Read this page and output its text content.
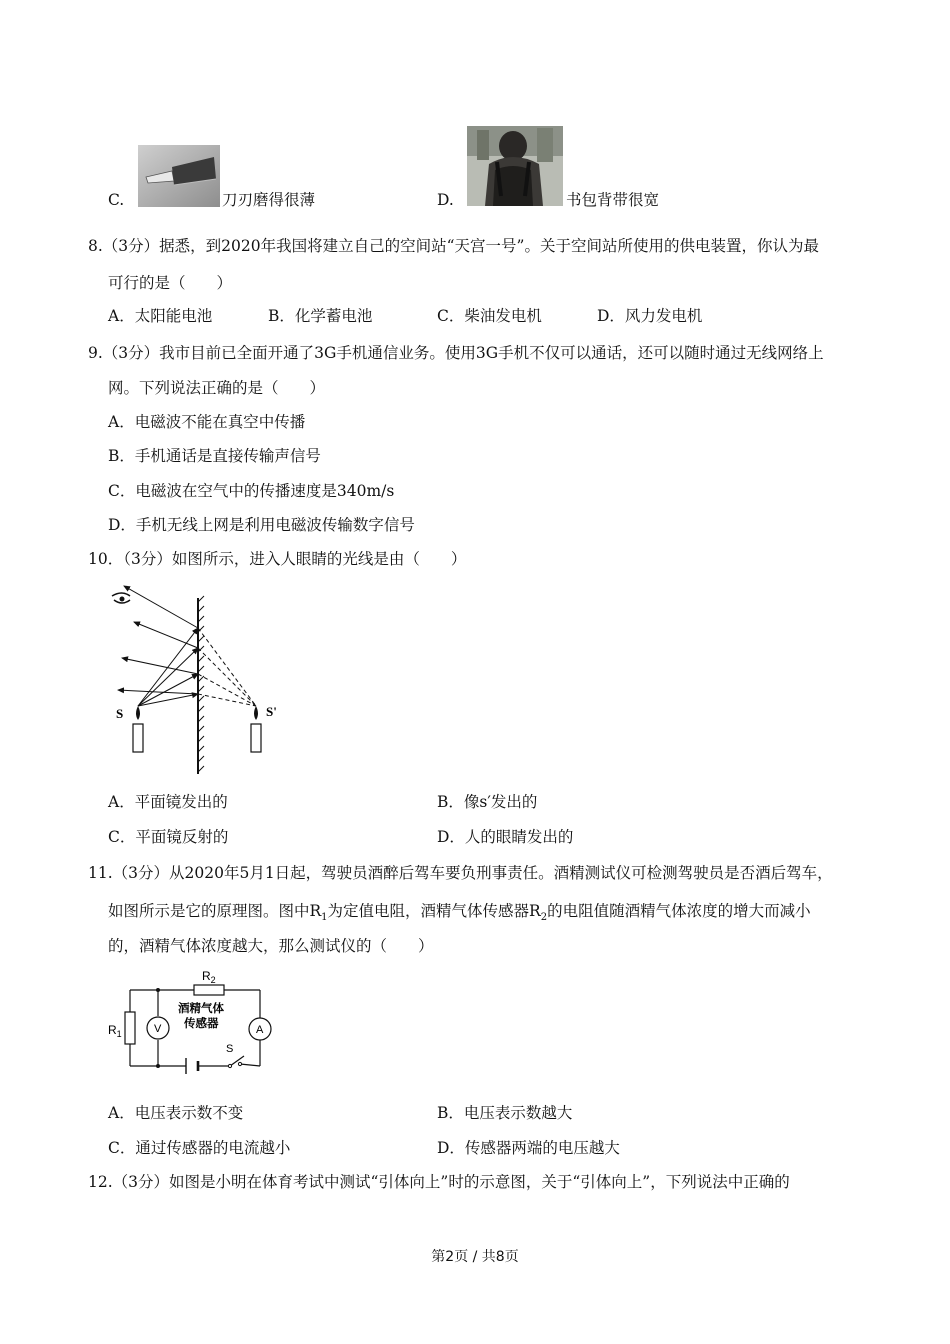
C.	刀刃磨得很薄	D.	书包背带很宽
8.（3分）据悉，到2020年我国将建立自己的空间站“天宫一号”。关于空间站所使用的供电装置，你认为最
可行的是（　　）
A．太阳能电池	B．化学蓄电池	C．柴油发电机	D．风力发电机
9.（3分）我市目前已全面开通了3G手机通信业务。使用3G手机不仅可以通话，还可以随时通过无线网络上
网。下列说法正确的是（　　）
A．电磁波不能在真空中传播
B．手机通话是直接传输声信号
C．电磁波在空气中的传播速度是340m/s
D．手机无线上网是利用电磁波传输数字信号
10．（3分）如图所示，进入人眼睛的光线是由（　　）
S	S'
A．平面镜发出的	B．像s′发出的
C．平面镜反射的	D．人的眼睛发出的
11.（3分）从2020年5月1日起，驾驶员酒醉后驾车要负刑事责任。酒精测试仪可检测驾驶员是否酒后驾车，
如图所示是它的原理图。图中$R_1$为定值电阻，酒精气体传感器$R_2$的电阻值随酒精气体浓度的增大而减小
的，酒精气体浓度越大，那么测试仪的（　　）
$R_2$
$R_1$
酒精气体
传感器
V	A
S
A．电压表示数不变	B．电压表示数越大
C．通过传感器的电流越小	D．传感器两端的电压越大
12.（3分）如图是小明在体育考试中测试“引体向上”时的示意图，关于“引体向上”，下列说法中正确的
第2页 / 共8页
